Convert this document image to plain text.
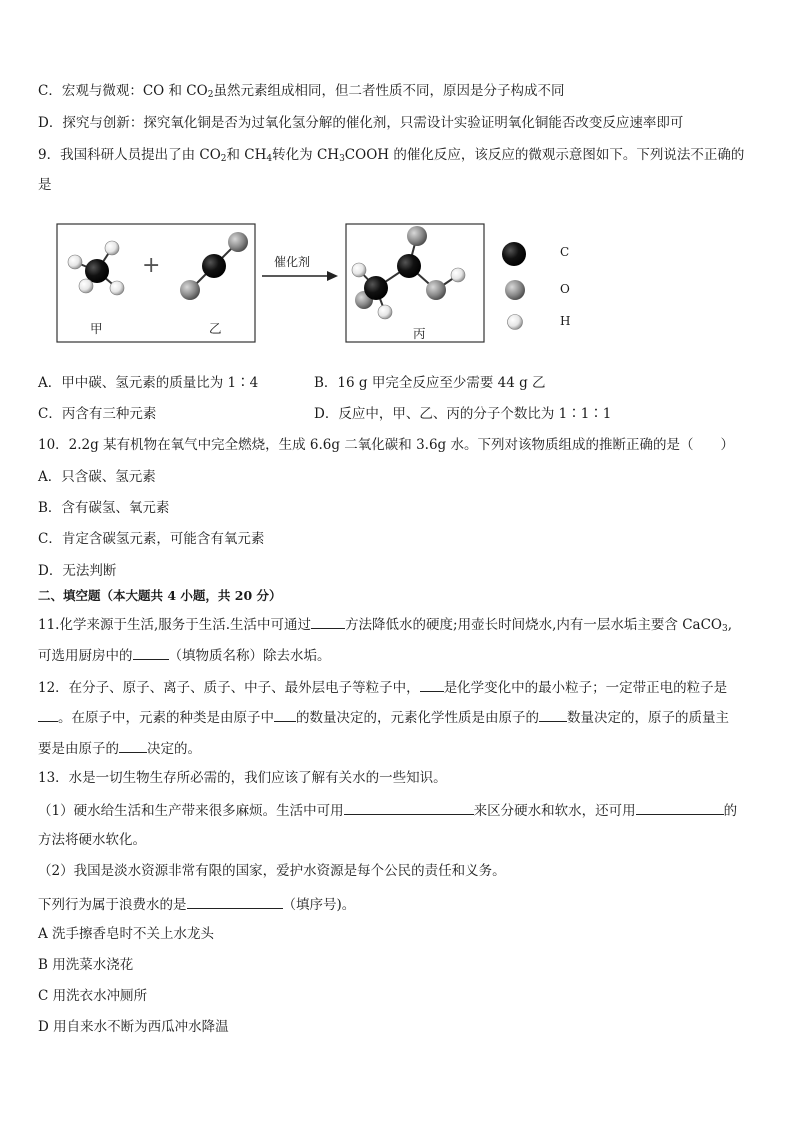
C．宏观与微观：CO 和 $CO_2$虽然元素组成相同，但二者性质不同，原因是分子构成不同
D．探究与创新：探究氧化铜是否为过氧化氢分解的催化剂，只需设计实验证明氧化铜能否改变反应速率即可
9．我国科研人员提出了由 $CO_2$和 $CH_4$转化为 $CH_3COOH$ 的催化反应，该反应的微观示意图如下。下列说法不正确的
是
甲	乙	丙
+	催化剂
C
O
H
A．甲中碳、氢元素的质量比为 1∶4	B．16 g 甲完全反应至少需要 44 g 乙
C．丙含有三种元素	D．反应中，甲、乙、丙的分子个数比为 1∶1∶1
10．2.2g 某有机物在氧气中完全燃烧，生成 6.6g 二氧化碳和 3.6g 水。下列对该物质组成的推断正确的是（　　）
A．只含碳、氢元素
B．含有碳氢、氧元素
C．肯定含碳氢元素，可能含有氧元素
D．无法判断
二、填空题（本大题共 4 小题，共 20 分）
11.化学来源于生活,服务于生活.生活中可通过	方法降低水的硬度;用壶长时间烧水,内有一层水垢主要含 CaCO$_3$,
可选用厨房中的	（填物质名称）除去水垢。
12．在分子、原子、离子、质子、中子、最外层电子等粒子中， 是化学变化中的最小粒子；一定带正电的粒子是
。在原子中，元素的种类是由原子中 的数量决定的，元素化学性质是由原子的 数量决定的，原子的质量主
要是由原子的 决定的。
13．水是一切生物生存所必需的，我们应该了解有关水的一些知识。
（1）硬水给生活和生产带来很多麻烦。生活中可用	来区分硬水和软水，还可用	的
方法将硬水软化。
（2）我国是淡水资源非常有限的国家，爱护水资源是每个公民的责任和义务。
下列行为属于浪费水的是	（填序号)。
A 洗手擦香皂时不关上水龙头
B 用洗菜水浇花
C 用洗衣水冲厕所
D 用自来水不断为西瓜冲水降温
